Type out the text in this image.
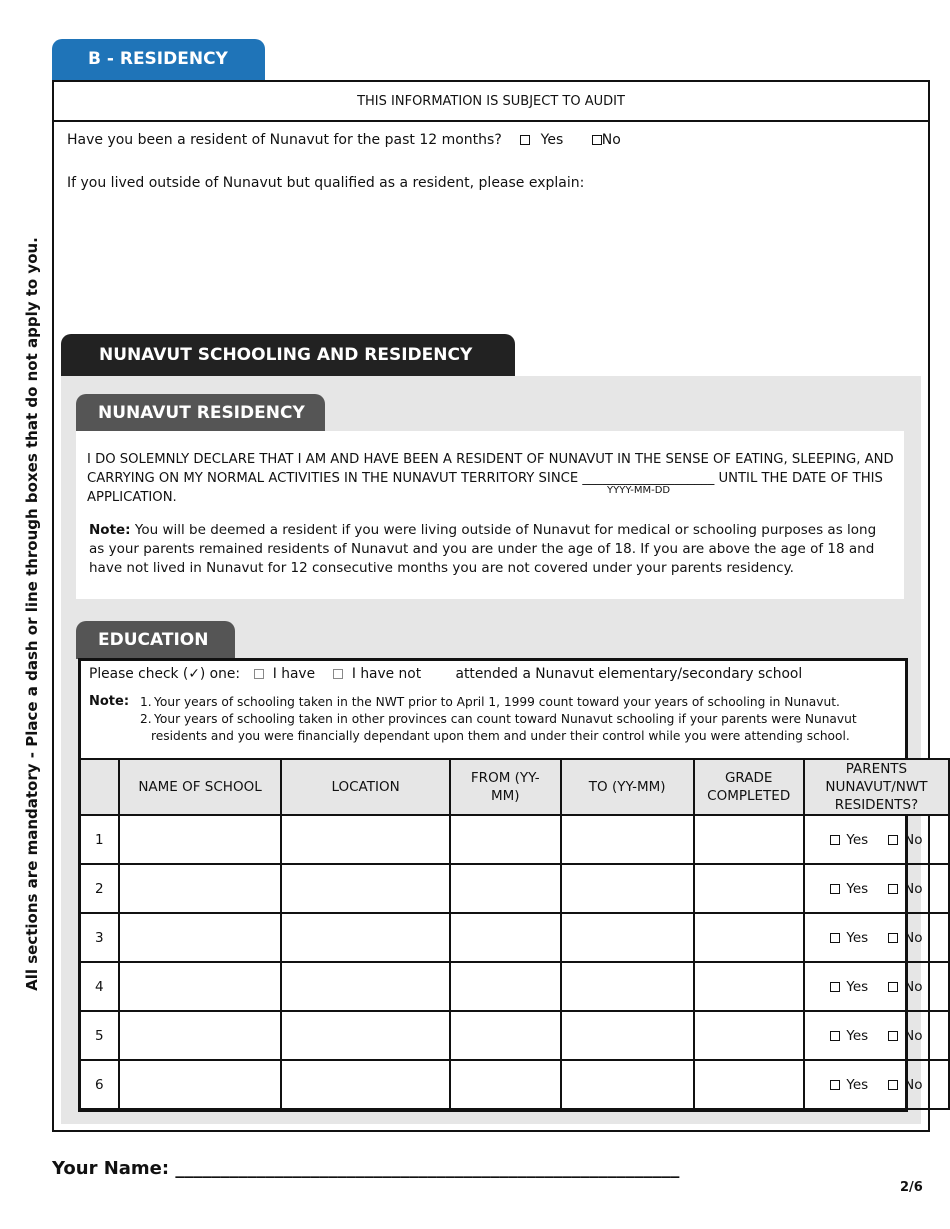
All sections are mandatory - Place a dash or line through boxes that do not apply to you.
B - RESIDENCY
THIS INFORMATION IS SUBJECT TO AUDIT
Have you been a resident of Nunavut for the past 12 months?	Yes	No
If you lived outside of Nunavut but qualified as a resident, please explain:
NUNAVUT SCHOOLING AND RESIDENCY
NUNAVUT RESIDENCY
I DO SOLEMNLY DECLARE THAT I AM AND HAVE BEEN A RESIDENT OF NUNAVUT IN THE SENSE OF EATING, SLEEPING, AND CARRYING ON MY NORMAL ACTIVITIES IN THE NUNAVUT TERRITORY SINCE ____________________ UNTIL THE DATE OF THIS APPLICATION.	YYYY-MM-DD
Note: You will be deemed a resident if you were living outside of Nunavut for medical or schooling purposes as long as your parents remained residents of Nunavut and you are under the age of 18. If you are above the age of 18 and have not lived in Nunavut for 12 consecutive months you are not covered under your parents residency.
EDUCATION
Please check (✓) one: I have	I have not attended a Nunavut elementary/secondary school
Note: 1. Your years of schooling taken in the NWT prior to April 1, 1999 count toward your years of schooling in Nunavut.
2. Your years of schooling taken in other provinces can count toward Nunavut schooling if your parents were Nunavut residents and you were financially dependant upon them and under their control while you were attending school.
	NAME OF SCHOOL	LOCATION	FROM (YY-MM)	TO (YY-MM)	GRADE COMPLETED	PARENTS NUNAVUT/NWT RESIDENTS?
1						Yes No
2						Yes No
3						Yes No
4						Yes No
5						Yes No
6						Yes No
Your Name: ________________________________________________________
2/6
